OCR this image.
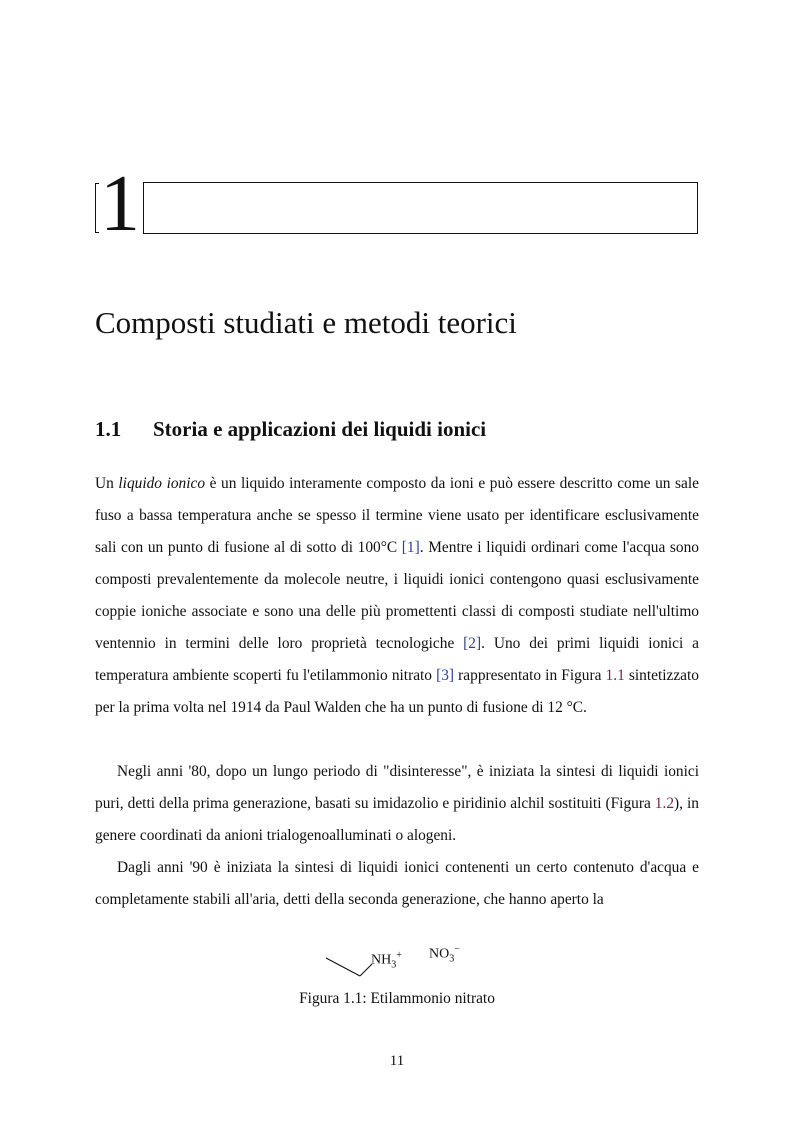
1
Composti studiati e metodi teorici
1.1 Storia e applicazioni dei liquidi ionici

Un liquido ionico è un liquido interamente composto da ioni e può essere descritto come un sale fuso a bassa temperatura anche se spesso il termine viene usato per identificare esclusivamente sali con un punto di fusione al di sotto di 100°C [1]. Mentre i liquidi ordinari come l'acqua sono composti prevalentemente da molecole neutre, i liquidi ionici contengono quasi esclusivamente coppie ioniche associate e sono una delle più promettenti classi di composti studiate nell'ultimo ventennio in termini delle loro proprietà tecnologiche [2]. Uno dei primi liquidi ionici a temperatura ambiente scoperti fu l'etilammonio nitrato [3] rappresentato in Figura 1.1 sintetizzato per la prima volta nel 1914 da Paul Walden che ha un punto di fusione di 12 °C.

Negli anni '80, dopo un lungo periodo di "disinteresse", è iniziata la sintesi di liquidi ionici puri, detti della prima generazione, basati su imidazolio e piridinio alchil sostituiti (Figura 1.2), in genere coordinati da anioni trialogenoalluminati o alogeni.

Dagli anni '90 è iniziata la sintesi di liquidi ionici contenenti un certo contenuto d'acqua e completamente stabili all'aria, detti della seconda generazione, che hanno aperto la

$NH_3^+$ $NO_3^-$
Figura 1.1: Etilammonio nitrato
11
